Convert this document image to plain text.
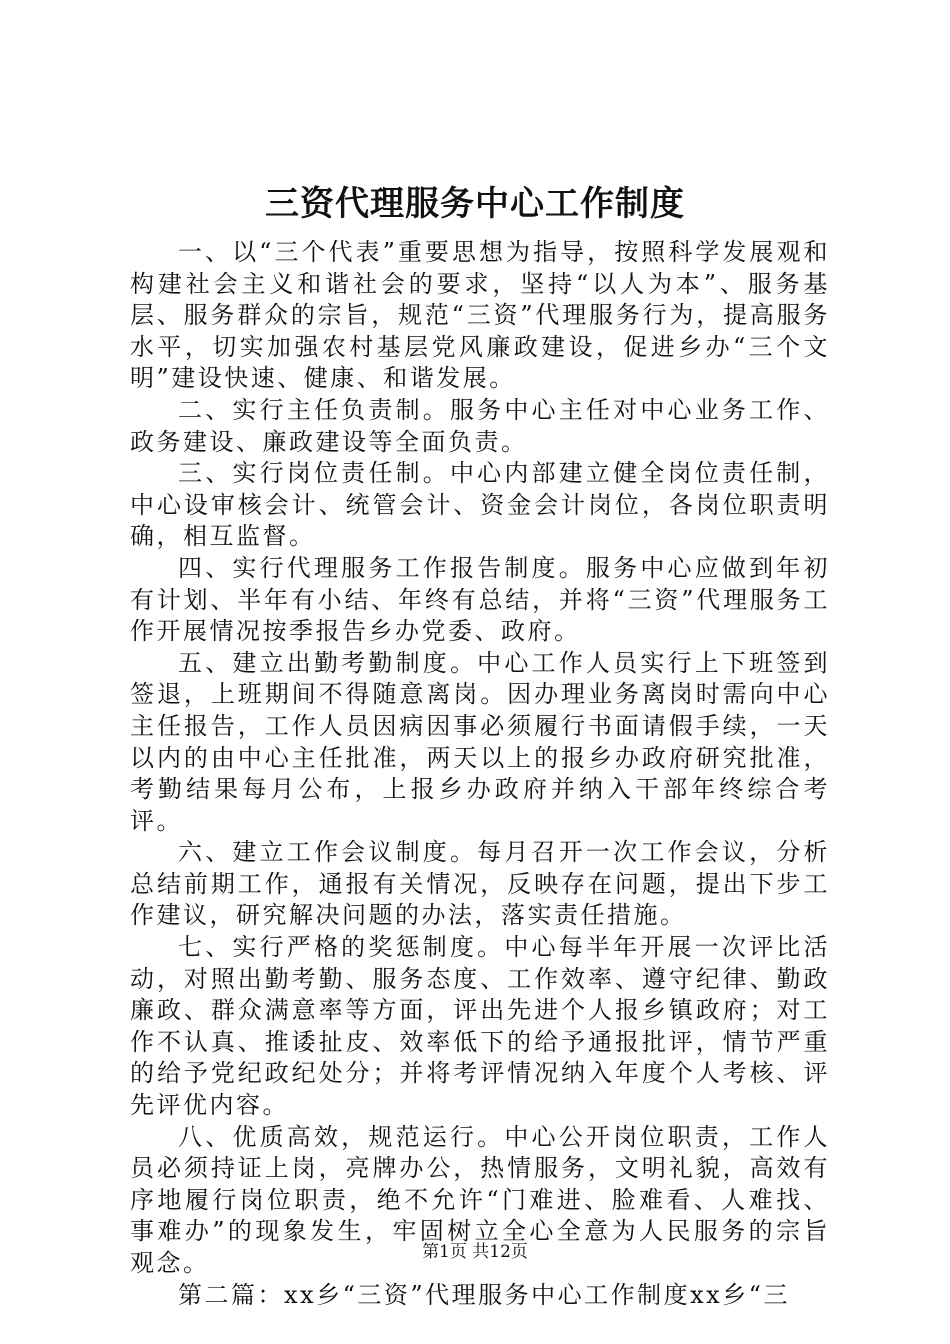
三资代理服务中心工作制度

一、以“三个代表”重要思想为指导，按照科学发展观和构建社会主义和谐社会的要求，坚持“以人为本”、服务基层、服务群众的宗旨，规范“三资”代理服务行为，提高服务水平，切实加强农村基层党风廉政建设，促进乡办“三个文明”建设快速、健康、和谐发展。

二、实行主任负责制。服务中心主任对中心业务工作、政务建设、廉政建设等全面负责。

三、实行岗位责任制。中心内部建立健全岗位责任制，中心设审核会计、统管会计、资金会计岗位，各岗位职责明确，相互监督。

四、实行代理服务工作报告制度。服务中心应做到年初有计划、半年有小结、年终有总结，并将“三资”代理服务工作开展情况按季报告乡办党委、政府。

五、建立出勤考勤制度。中心工作人员实行上下班签到签退，上班期间不得随意离岗。因办理业务离岗时需向中心主任报告，工作人员因病因事必须履行书面请假手续，一天以内的由中心主任批准，两天以上的报乡办政府研究批准，考勤结果每月公布，上报乡办政府并纳入干部年终综合考评。

六、建立工作会议制度。每月召开一次工作会议，分析总结前期工作，通报有关情况，反映存在问题，提出下步工作建议，研究解决问题的办法，落实责任措施。

七、实行严格的奖惩制度。中心每半年开展一次评比活动，对照出勤考勤、服务态度、工作效率、遵守纪律、勤政廉政、群众满意率等方面，评出先进个人报乡镇政府；对工作不认真、推诿扯皮、效率低下的给予通报批评，情节严重的给予党纪政纪处分；并将考评情况纳入年度个人考核、评先评优内容。

八、优质高效，规范运行。中心公开岗位职责，工作人员必须持证上岗，亮牌办公，热情服务，文明礼貌，高效有序地履行岗位职责，绝不允许“门难进、脸难看、人难找、事难办”的现象发生，牢固树立全心全意为人民服务的宗旨观念。

第二篇：xx乡“三资”代理服务中心工作制度xx乡“三

第1页 共12页
